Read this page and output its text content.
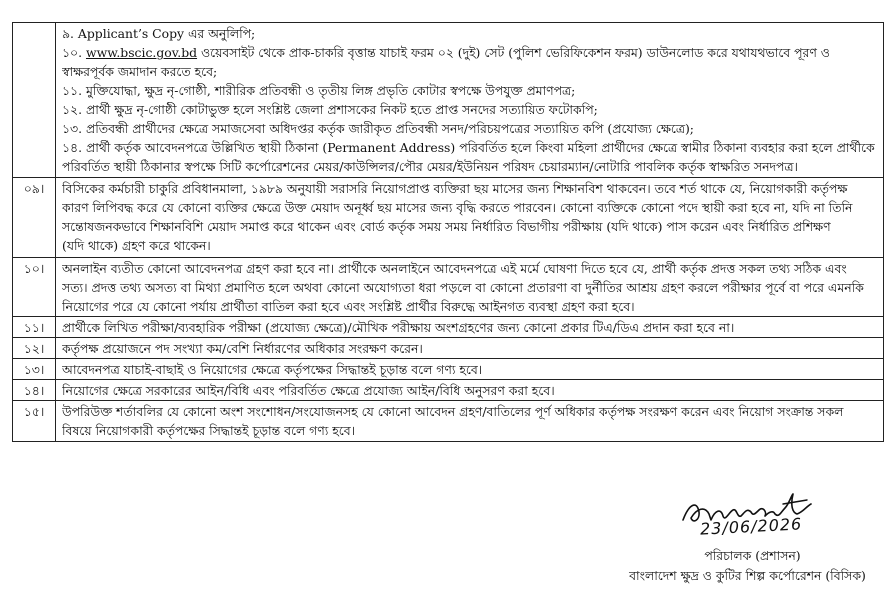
৯. Applicant’s Copy এর অনুলিপি;
১০. www.bscic.gov.bd ওয়েবসাইট থেকে প্রাক-চাকরি বৃত্তান্ত যাচাই ফরম ০২ (দুই) সেট (পুলিশ ভেরিফিকেশন ফরম) ডাউনলোড করে যথাযথভাবে পূরণ ও
স্বাক্ষরপূর্বক জমাদান করতে হবে;
১১. মুক্তিযোদ্ধা, ক্ষুদ্র নৃ-গোষ্ঠী, শারীরিক প্রতিবন্ধী ও তৃতীয় লিঙ্গ প্রভৃতি কোটার স্বপক্ষে উপযুক্ত প্রমাণপত্র;
১২. প্রার্থী ক্ষুদ্র নৃ-গোষ্ঠী কোটাভুক্ত হলে সংশ্লিষ্ট জেলা প্রশাসকের নিকট হতে প্রাপ্ত সনদের সত্যায়িত ফটোকপি;
১৩. প্রতিবন্ধী প্রার্থীদের ক্ষেত্রে সমাজসেবা অধিদপ্তর কর্তৃক জারীকৃত প্রতিবন্ধী সনদ/পরিচয়পত্রের সত্যায়িত কপি (প্রযোজ্য ক্ষেত্রে);
১৪. প্রার্থী কর্তৃক আবেদনপত্রে উল্লিখিত স্থায়ী ঠিকানা (Permanent Address) পরিবর্তিত হলে কিংবা মহিলা প্রার্থীদের ক্ষেত্রে স্বামীর ঠিকানা ব্যবহার করা হলে প্রার্থীকে
পরিবর্তিত স্থায়ী ঠিকানার স্বপক্ষে সিটি কর্পোরেশনের মেয়র/কাউন্সিলর/পৌর মেয়র/ইউনিয়ন পরিষদ চেয়ারম্যান/নোটারি পাবলিক কর্তৃক স্বাক্ষরিত সনদপত্র।

০৯।	বিসিকের কর্মচারী চাকুরি প্রবিধানমালা, ১৯৮৯ অনুযায়ী সরাসরি নিয়োগপ্রাপ্ত ব্যক্তিরা ছয় মাসের জন্য শিক্ষানবিশ থাকবেন। তবে শর্ত থাকে যে, নিয়োগকারী কর্তৃপক্ষ
কারণ লিপিবদ্ধ করে যে কোনো ব্যক্তির ক্ষেত্রে উক্ত মেয়াদ অনূর্ধ্ব ছয় মাসের জন্য বৃদ্ধি করতে পারবেন। কোনো ব্যক্তিকে কোনো পদে স্থায়ী করা হবে না, যদি না তিনি
সন্তোষজনকভাবে শিক্ষানবিশি মেয়াদ সমাপ্ত করে থাকেন এবং বোর্ড কর্তৃক সময় সময় নির্ধারিত বিভাগীয় পরীক্ষায় (যদি থাকে) পাস করেন এবং নির্ধারিত প্রশিক্ষণ
(যদি থাকে) গ্রহণ করে থাকেন।

১০।	অনলাইন ব্যতীত কোনো আবেদনপত্র গ্রহণ করা হবে না। প্রার্থীকে অনলাইনে আবেদনপত্রে এই মর্মে ঘোষণা দিতে হবে যে, প্রার্থী কর্তৃক প্রদত্ত সকল তথ্য সঠিক এবং
সত্য। প্রদত্ত তথ্য অসত্য বা মিথ্যা প্রমাণিত হলে অথবা কোনো অযোগ্যতা ধরা পড়লে বা কোনো প্রতারণা বা দুর্নীতির আশ্রয় গ্রহণ করলে পরীক্ষার পূর্বে বা পরে এমনকি
নিয়োগের পরে যে কোনো পর্যায় প্রার্থীতা বাতিল করা হবে এবং সংশ্লিষ্ট প্রার্থীর বিরুদ্ধে আইনগত ব্যবস্থা গ্রহণ করা হবে।

১১।	প্রার্থীকে লিখিত পরীক্ষা/ব্যবহারিক পরীক্ষা (প্রযোজ্য ক্ষেত্রে)/মৌখিক পরীক্ষায় অংশগ্রহণের জন্য কোনো প্রকার টিএ/ডিএ প্রদান করা হবে না।

১২।	কর্তৃপক্ষ প্রয়োজনে পদ সংখ্যা কম/বেশি নির্ধারণের অধিকার সংরক্ষণ করেন।

১৩।	আবেদনপত্র যাচাই-বাছাই ও নিয়োগের ক্ষেত্রে কর্তৃপক্ষের সিদ্ধান্তই চূড়ান্ত বলে গণ্য হবে।

১৪।	নিয়োগের ক্ষেত্রে সরকারের আইন/বিধি এবং পরিবর্তিত ক্ষেত্রে প্রযোজ্য আইন/বিধি অনুসরণ করা হবে।

১৫।	উপরিউক্ত শর্তাবলির যে কোনো অংশ সংশোধন/সংযোজনসহ যে কোনো আবেদন গ্রহণ/বাতিলের পূর্ণ অধিকার কর্তৃপক্ষ সংরক্ষণ করেন এবং নিয়োগ সংক্রান্ত সকল
বিষয়ে নিয়োগকারী কর্তৃপক্ষের সিদ্ধান্তই চূড়ান্ত বলে গণ্য হবে।
23/06/2026
পরিচালক (প্রশাসন)
বাংলাদেশ ক্ষুদ্র ও কুটির শিল্প কর্পোরেশন (বিসিক)
